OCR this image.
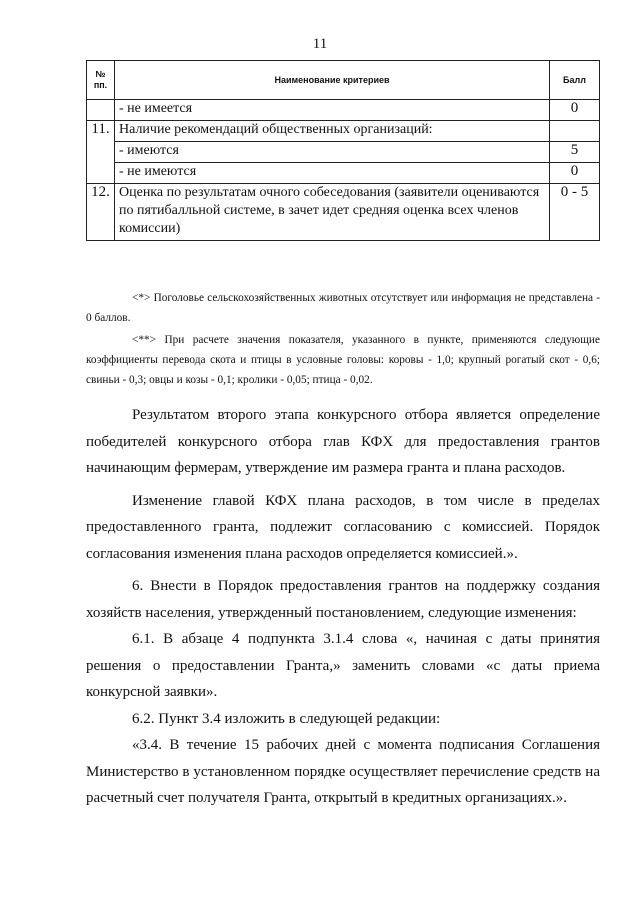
11
№ пп.	Наименование критериев	Балл
	- не имеется	0
11.	Наличие рекомендаций общественных организаций:	
	- имеются	5
	- не имеются	0
12.	Оценка по результатам очного собеседования (заявители оцениваются по пятибалльной системе, в зачет идет средняя оценка всех членов комиссии)	0 - 5

<*> Поголовье сельскохозяйственных животных отсутствует или информация не представлена - 0 баллов.

<**> При расчете значения показателя, указанного в пункте, применяются следующие коэффициенты перевода скота и птицы в условные головы: коровы - 1,0; крупный рогатый скот - 0,6; свиньи - 0,3; овцы и козы - 0,1; кролики - 0,05; птица - 0,02.

Результатом второго этапа конкурсного отбора является определение победителей конкурсного отбора глав КФХ для предоставления грантов начинающим фермерам, утверждение им размера гранта и плана расходов.

Изменение главой КФХ плана расходов, в том числе в пределах предоставленного гранта, подлежит согласованию с комиссией. Порядок согласования изменения плана расходов определяется комиссией.».

6. Внести в Порядок предоставления грантов на поддержку создания хозяйств населения, утвержденный постановлением, следующие изменения:

6.1. В абзаце 4 подпункта 3.1.4 слова «, начиная с даты принятия решения о предоставлении Гранта,» заменить словами «с даты приема конкурсной заявки».

6.2. Пункт 3.4 изложить в следующей редакции:

«3.4. В течение 15 рабочих дней с момента подписания Соглашения Министерство в установленном порядке осуществляет перечисление средств на расчетный счет получателя Гранта, открытый в кредитных организациях.».
